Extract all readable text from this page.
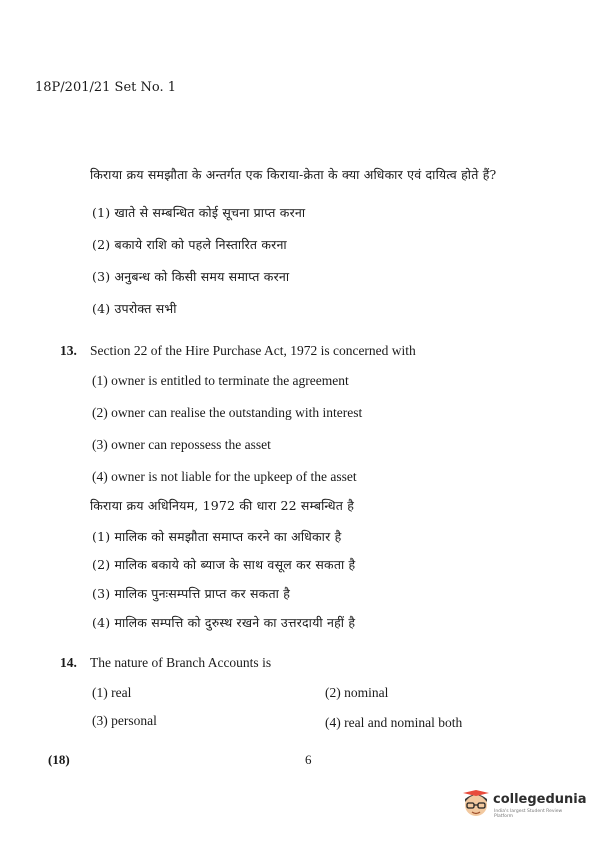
18P/201/21 Set No. 1
किराया क्रय समझौता के अन्तर्गत एक किराया-क्रेता के क्या अधिकार एवं दायित्व होते हैं?
(1) खाते से सम्बन्धित कोई सूचना प्राप्त करना
(2) बकाये राशि को पहले निस्तारित करना
(3) अनुबन्ध को किसी समय समाप्त करना
(4) उपरोक्त सभी
13. Section 22 of the Hire Purchase Act, 1972 is concerned with
(1) owner is entitled to terminate the agreement
(2) owner can realise the outstanding with interest
(3) owner can repossess the asset
(4) owner is not liable for the upkeep of the asset
किराया क्रय अधिनियम, 1972 की धारा 22 सम्बन्धित है
(1) मालिक को समझौता समाप्त करने का अधिकार है
(2) मालिक बकाये को ब्याज के साथ वसूल कर सकता है
(3) मालिक पुनःसम्पत्ति प्राप्त कर सकता है
(4) मालिक सम्पत्ति को दुरुस्थ रखने का उत्तरदायी नहीं है
14. The nature of Branch Accounts is
(1) real	(2) nominal
(3) personal	(4) real and nominal both
(18)	6
collegedunia
India's largest Student Review Platform
